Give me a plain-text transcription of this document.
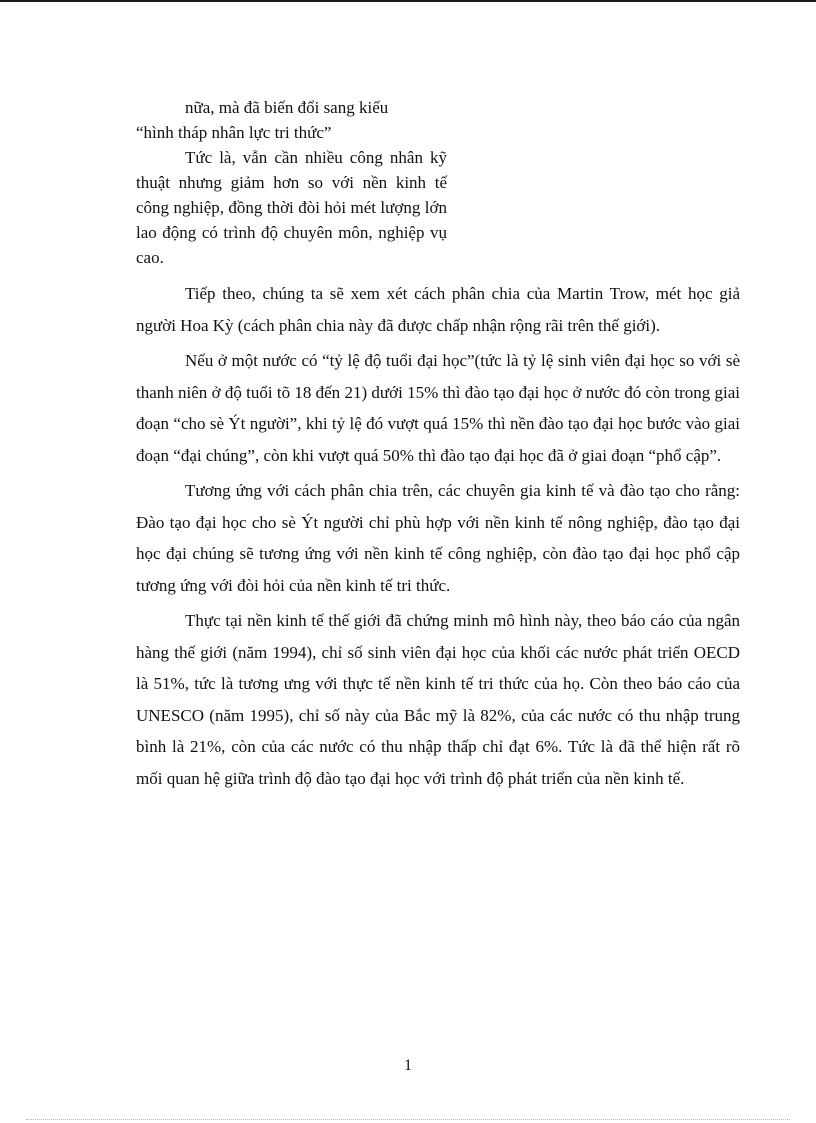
nữa, mà đã biến đổi sang kiểu

“hình tháp nhân lực tri thức”

Tức là, vẫn cần nhiều công nhân kỹ thuật nhưng giảm hơn so với nền kinh tế công nghiệp, đồng thời đòi hỏi mét lượng lớn lao động có trình độ chuyên môn, nghiệp vụ cao.

Tiếp theo, chúng ta sẽ xem xét cách phân chia của Martin Trow, mét học giả người Hoa Kỳ (cách phân chia này đã được chấp nhận rộng rãi trên thế giới).

Nếu ở một nước có “tỷ lệ độ tuổi đại học”(tức là tỷ lệ sinh viên đại học so với sè thanh niên ở độ tuổi tõ 18 đến 21) dưới 15% thì đào tạo đại học ở nước đó còn trong giai đoạn “cho sè Ýt người”, khi tỷ lệ đó vượt quá 15% thì nền đào tạo đại học bước vào giai đoạn “đại chúng”, còn khi vượt quá 50% thì đào tạo đại học đã ở giai đoạn “phổ cập”.

Tương ứng với cách phân chia trên, các chuyên gia kinh tế và đào tạo cho rằng: Đào tạo đại học cho sè Ýt người chỉ phù hợp với nền kinh tế nông nghiệp, đào tạo đại học đại chúng sẽ tương ứng với nền kinh tế công nghiệp, còn đào tạo đại học phổ cập tương ứng với đòi hỏi của nền kinh tế tri thức.

Thực tại nền kinh tế thế giới đã chứng minh mô hình này, theo báo cáo của ngân hàng thế giới (năm 1994), chỉ số sinh viên đại học của khối các nước phát triển OECD là 51%, tức là tương ưng với thực tế nền kinh tế tri thức của họ. Còn theo báo cáo của UNESCO (năm 1995), chỉ số này của Bắc mỹ là 82%, của các nước có thu nhập trung bình là 21%, còn của các nước có thu nhập thấp chỉ đạt 6%. Tức là đã thể hiện rất rõ mối quan hệ giữa trình độ đào tạo đại học với trình độ phát triển của nền kinh tế.

1
